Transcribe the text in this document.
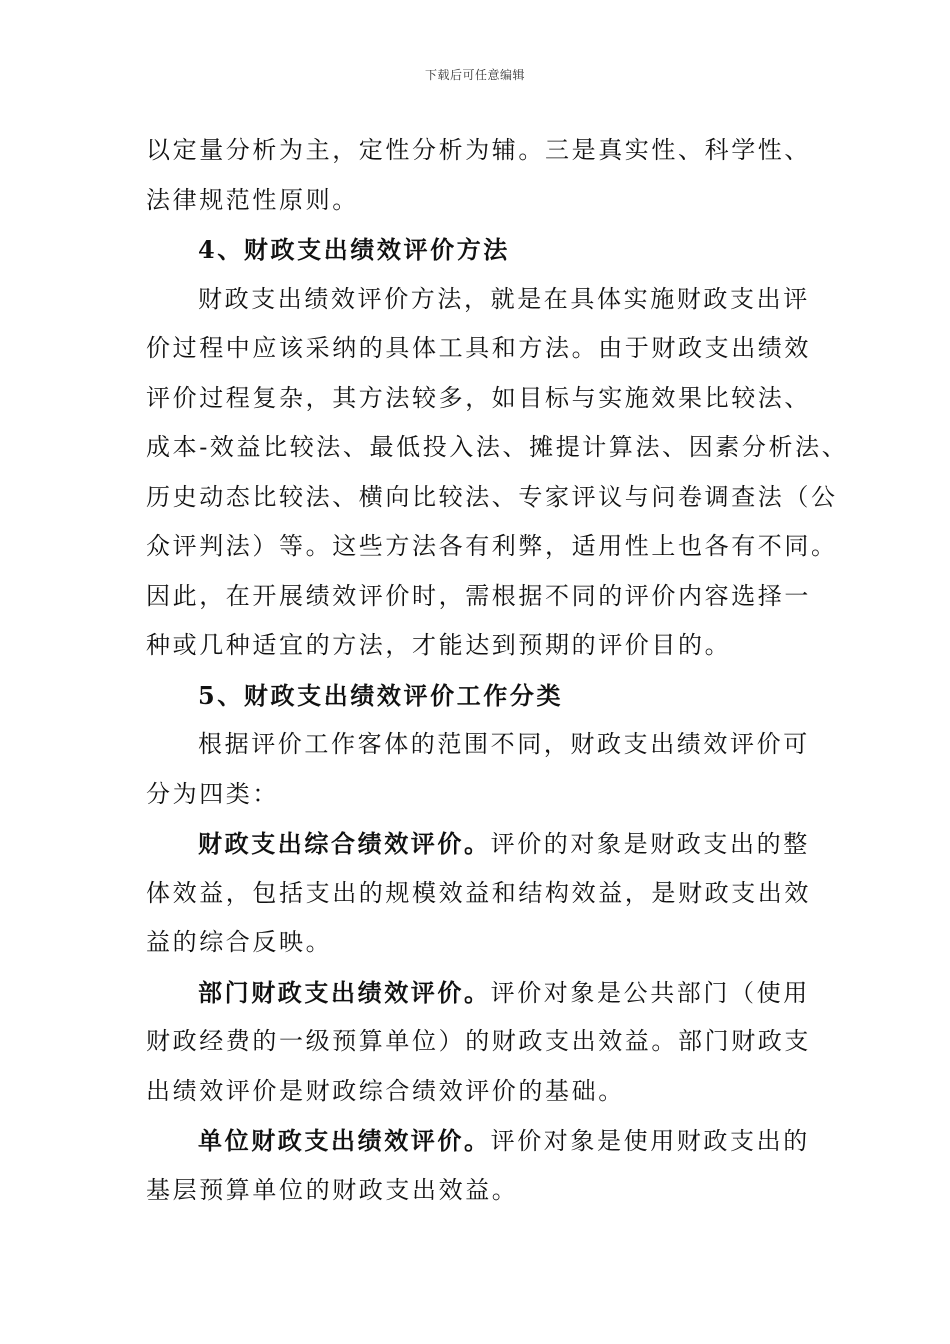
下载后可任意编辑
以定量分析为主，定性分析为辅。三是真实性、科学性、
法律规范性原则。
4、财政支出绩效评价方法
财政支出绩效评价方法，就是在具体实施财政支出评
价过程中应该采纳的具体工具和方法。由于财政支出绩效
评价过程复杂，其方法较多，如目标与实施效果比较法、
成本-效益比较法、最低投入法、摊提计算法、因素分析法、
历史动态比较法、横向比较法、专家评议与问卷调查法（公
众评判法）等。这些方法各有利弊，适用性上也各有不同。
因此，在开展绩效评价时，需根据不同的评价内容选择一
种或几种适宜的方法，才能达到预期的评价目的。
5、财政支出绩效评价工作分类
根据评价工作客体的范围不同，财政支出绩效评价可
分为四类：
财政支出综合绩效评价。评价的对象是财政支出的整
体效益，包括支出的规模效益和结构效益，是财政支出效
益的综合反映。
部门财政支出绩效评价。评价对象是公共部门（使用
财政经费的一级预算单位）的财政支出效益。部门财政支
出绩效评价是财政综合绩效评价的基础。
单位财政支出绩效评价。评价对象是使用财政支出的
基层预算单位的财政支出效益。
